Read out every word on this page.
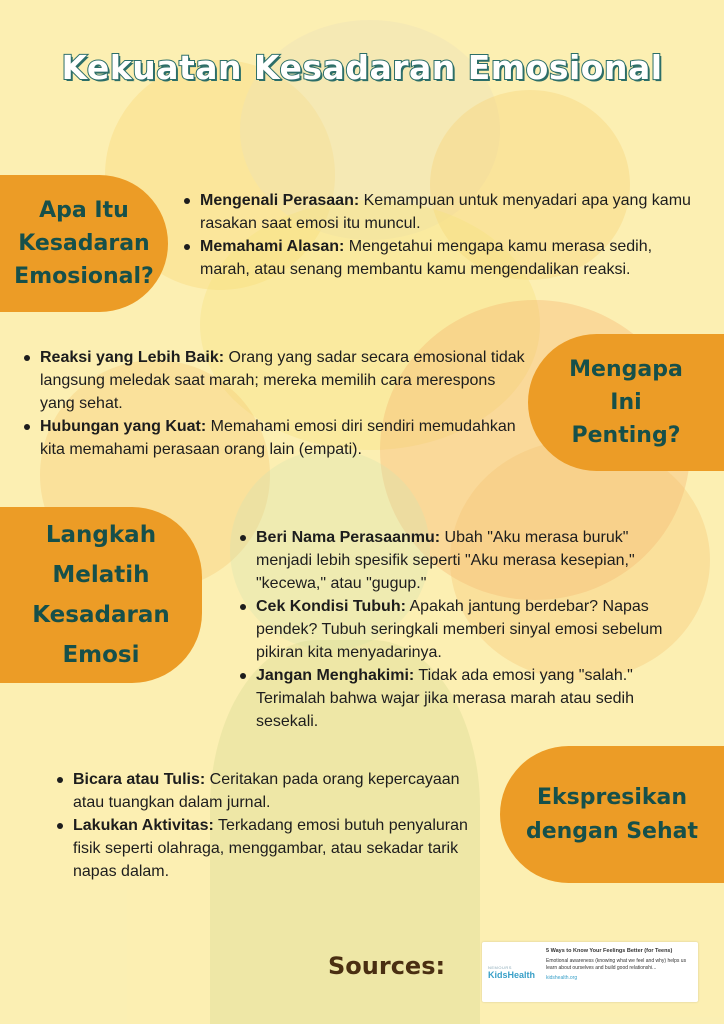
Kekuatan Kesadaran Emosional
Apa Itu
Kesadaran
Emosional?
Mengenali Perasaan: Kemampuan untuk menyadari apa yang kamu rasakan saat emosi itu muncul.
Memahami Alasan: Mengetahui mengapa kamu merasa sedih, marah, atau senang membantu kamu mengendalikan reaksi.
Reaksi yang Lebih Baik: Orang yang sadar secara emosional tidak langsung meledak saat marah; mereka memilih cara merespons yang sehat.
Hubungan yang Kuat: Memahami emosi diri sendiri memudahkan kita memahami perasaan orang lain (empati).
Mengapa
Ini
Penting?
Langkah
Melatih
Kesadaran
Emosi
Beri Nama Perasaanmu: Ubah "Aku merasa buruk" menjadi lebih spesifik seperti "Aku merasa kesepian," "kecewa," atau "gugup."
Cek Kondisi Tubuh: Apakah jantung berdebar? Napas pendek? Tubuh seringkali memberi sinyal emosi sebelum pikiran kita menyadarinya.
Jangan Menghakimi: Tidak ada emosi yang "salah." Terimalah bahwa wajar jika merasa marah atau sedih sesekali.
Bicara atau Tulis: Ceritakan pada orang kepercayaan atau tuangkan dalam jurnal.
Lakukan Aktivitas: Terkadang emosi butuh penyaluran fisik seperti olahraga, menggambar, atau sekadar tarik napas dalam.
Ekspresikan
dengan Sehat
Sources:	NEMOURS
KidsHealth
5 Ways to Know Your Feelings Better (for Teens)
Emotional awareness (knowing what we feel and why) helps us learn about ourselves and build good relationshi...
kidshealth.org
